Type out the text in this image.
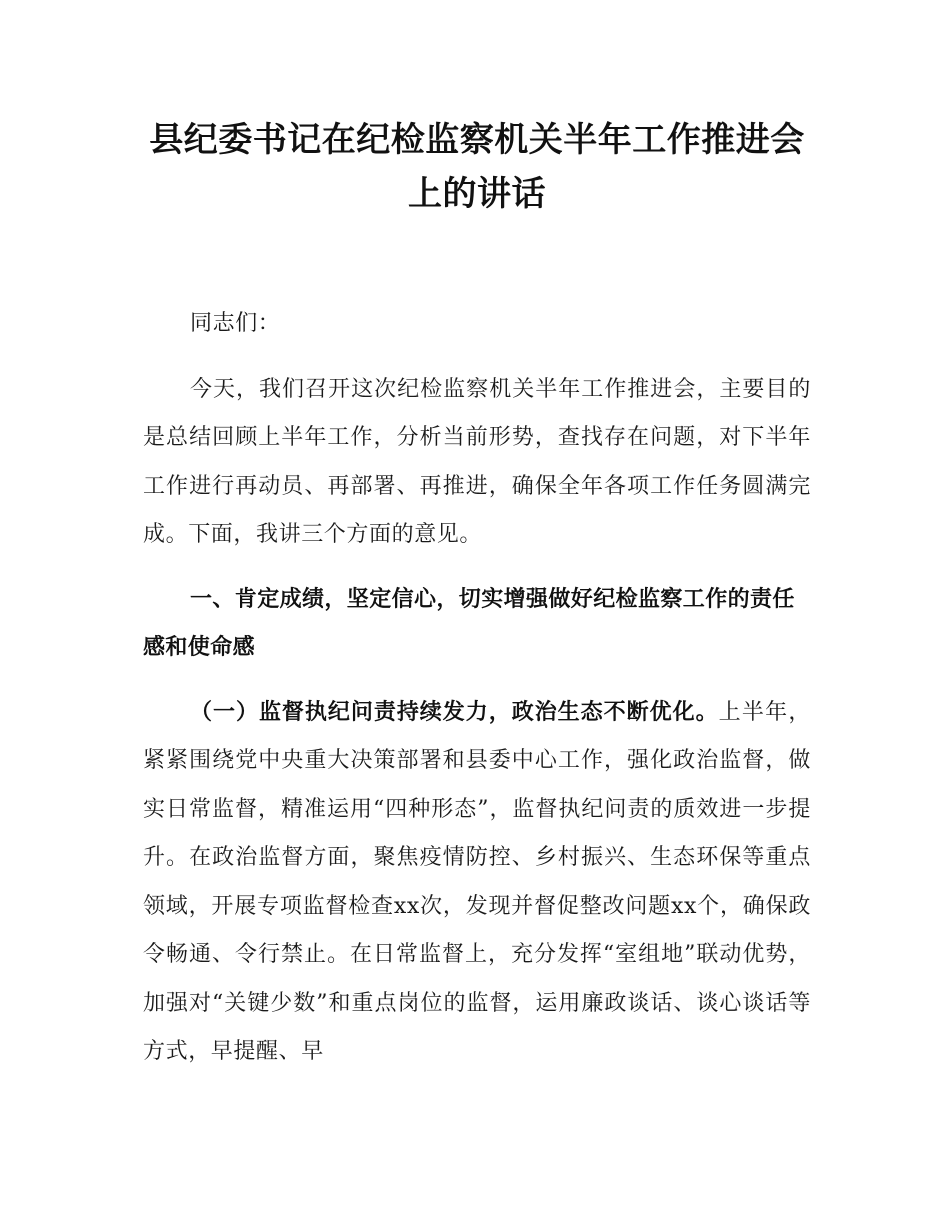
县纪委书记在纪检监察机关半年工作推进会上的讲话

同志们：

今天，我们召开这次纪检监察机关半年工作推进会，主要目的是总结回顾上半年工作，分析当前形势，查找存在问题，对下半年工作进行再动员、再部署、再推进，确保全年各项工作任务圆满完成。下面，我讲三个方面的意见。

一、肯定成绩，坚定信心，切实增强做好纪检监察工作的责任感和使命感

（一）监督执纪问责持续发力，政治生态不断优化。上半年，紧紧围绕党中央重大决策部署和县委中心工作，强化政治监督，做实日常监督，精准运用“四种形态”，监督执纪问责的质效进一步提升。在政治监督方面，聚焦疫情防控、乡村振兴、生态环保等重点领域，开展专项监督检查xx次，发现并督促整改问题xx个，确保政令畅通、令行禁止。在日常监督上，充分发挥“室组地”联动优势，加强对“关键少数”和重点岗位的监督，运用廉政谈话、谈心谈话等方式，早提醒、早
